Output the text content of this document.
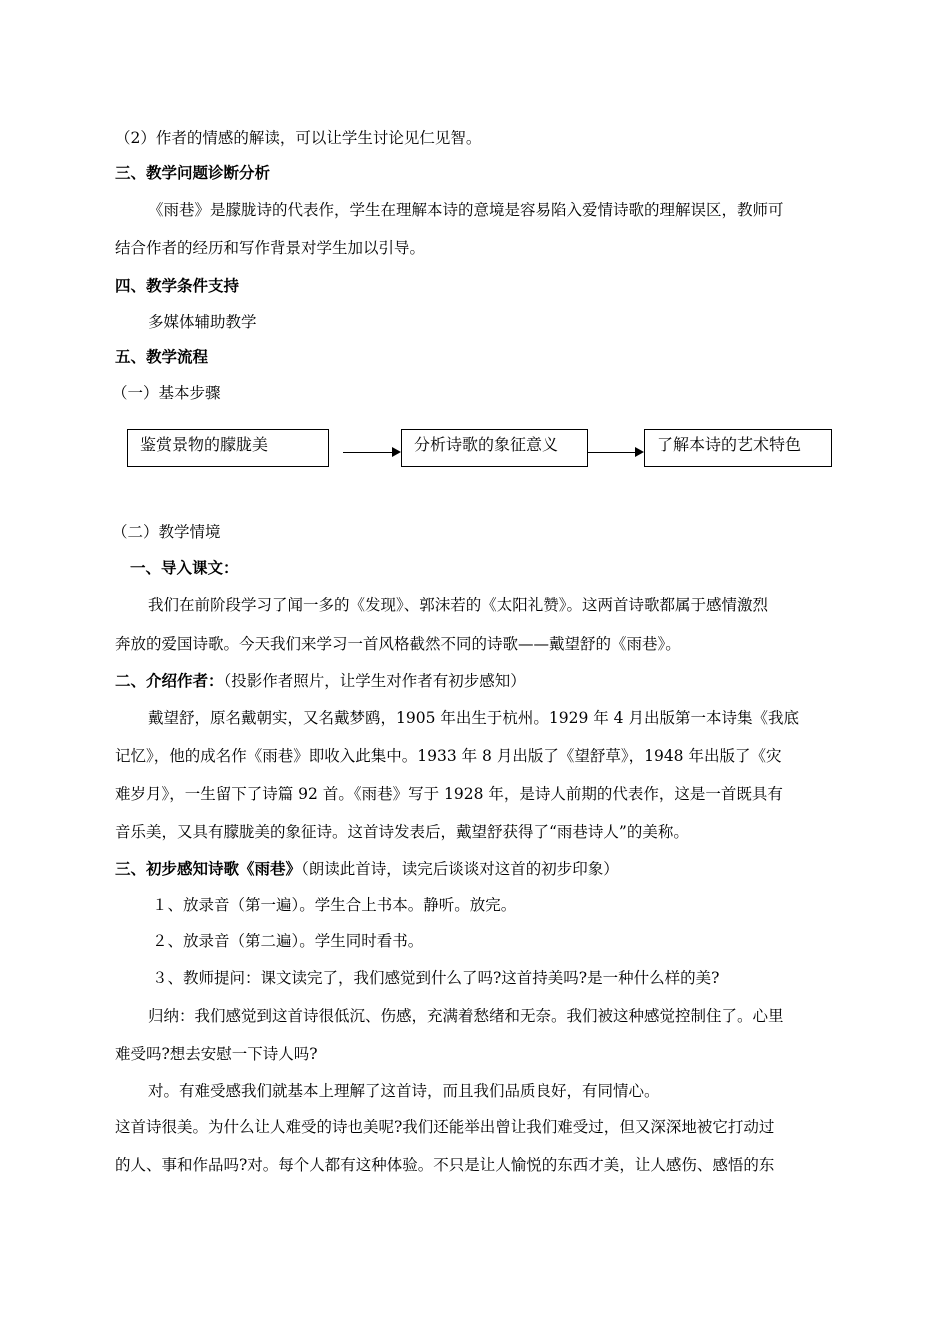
（2）作者的情感的解读，可以让学生讨论见仁见智。
三、教学问题诊断分析
《雨巷》是朦胧诗的代表作，学生在理解本诗的意境是容易陷入爱情诗歌的理解误区，教师可
结合作者的经历和写作背景对学生加以引导。
四、教学条件支持
多媒体辅助教学
五、教学流程
（一）基本步骤
鉴赏景物的朦胧美	分析诗歌的象征意义	了解本诗的艺术特色
（二）教学情境
一、导入课文：
我们在前阶段学习了闻一多的《发现》、郭沫若的《太阳礼赞》。这两首诗歌都属于感情激烈
奔放的爱国诗歌。今天我们来学习一首风格截然不同的诗歌——戴望舒的《雨巷》。
二、介绍作者：（投影作者照片，让学生对作者有初步感知）
戴望舒，原名戴朝实，又名戴梦鸥，1905 年出生于杭州。1929 年 4 月出版第一本诗集《我底
记忆》，他的成名作《雨巷》即收入此集中。1933 年 8 月出版了《望舒草》，1948 年出版了《灾
难岁月》，一生留下了诗篇 92 首。《雨巷》写于 1928 年，是诗人前期的代表作，这是一首既具有
音乐美，又具有朦胧美的象征诗。这首诗发表后，戴望舒获得了“雨巷诗人”的美称。
三、初步感知诗歌《雨巷》（朗读此首诗，读完后谈谈对这首的初步印象）
１、放录音（第一遍）。学生合上书本。静听。放完。
２、放录音（第二遍）。学生同时看书。
３、教师提问：课文读完了，我们感觉到什么了吗?这首持美吗?是一种什么样的美?
归纳：我们感觉到这首诗很低沉、伤感，充满着愁绪和无奈。我们被这种感觉控制住了。心里
难受吗?想去安慰一下诗人吗?
对。有难受感我们就基本上理解了这首诗，而且我们品质良好，有同情心。
这首诗很美。为什么让人难受的诗也美呢?我们还能举出曾让我们难受过，但又深深地被它打动过
的人、事和作品吗?对。每个人都有这种体验。不只是让人愉悦的东西才美，让人感伤、感悟的东
